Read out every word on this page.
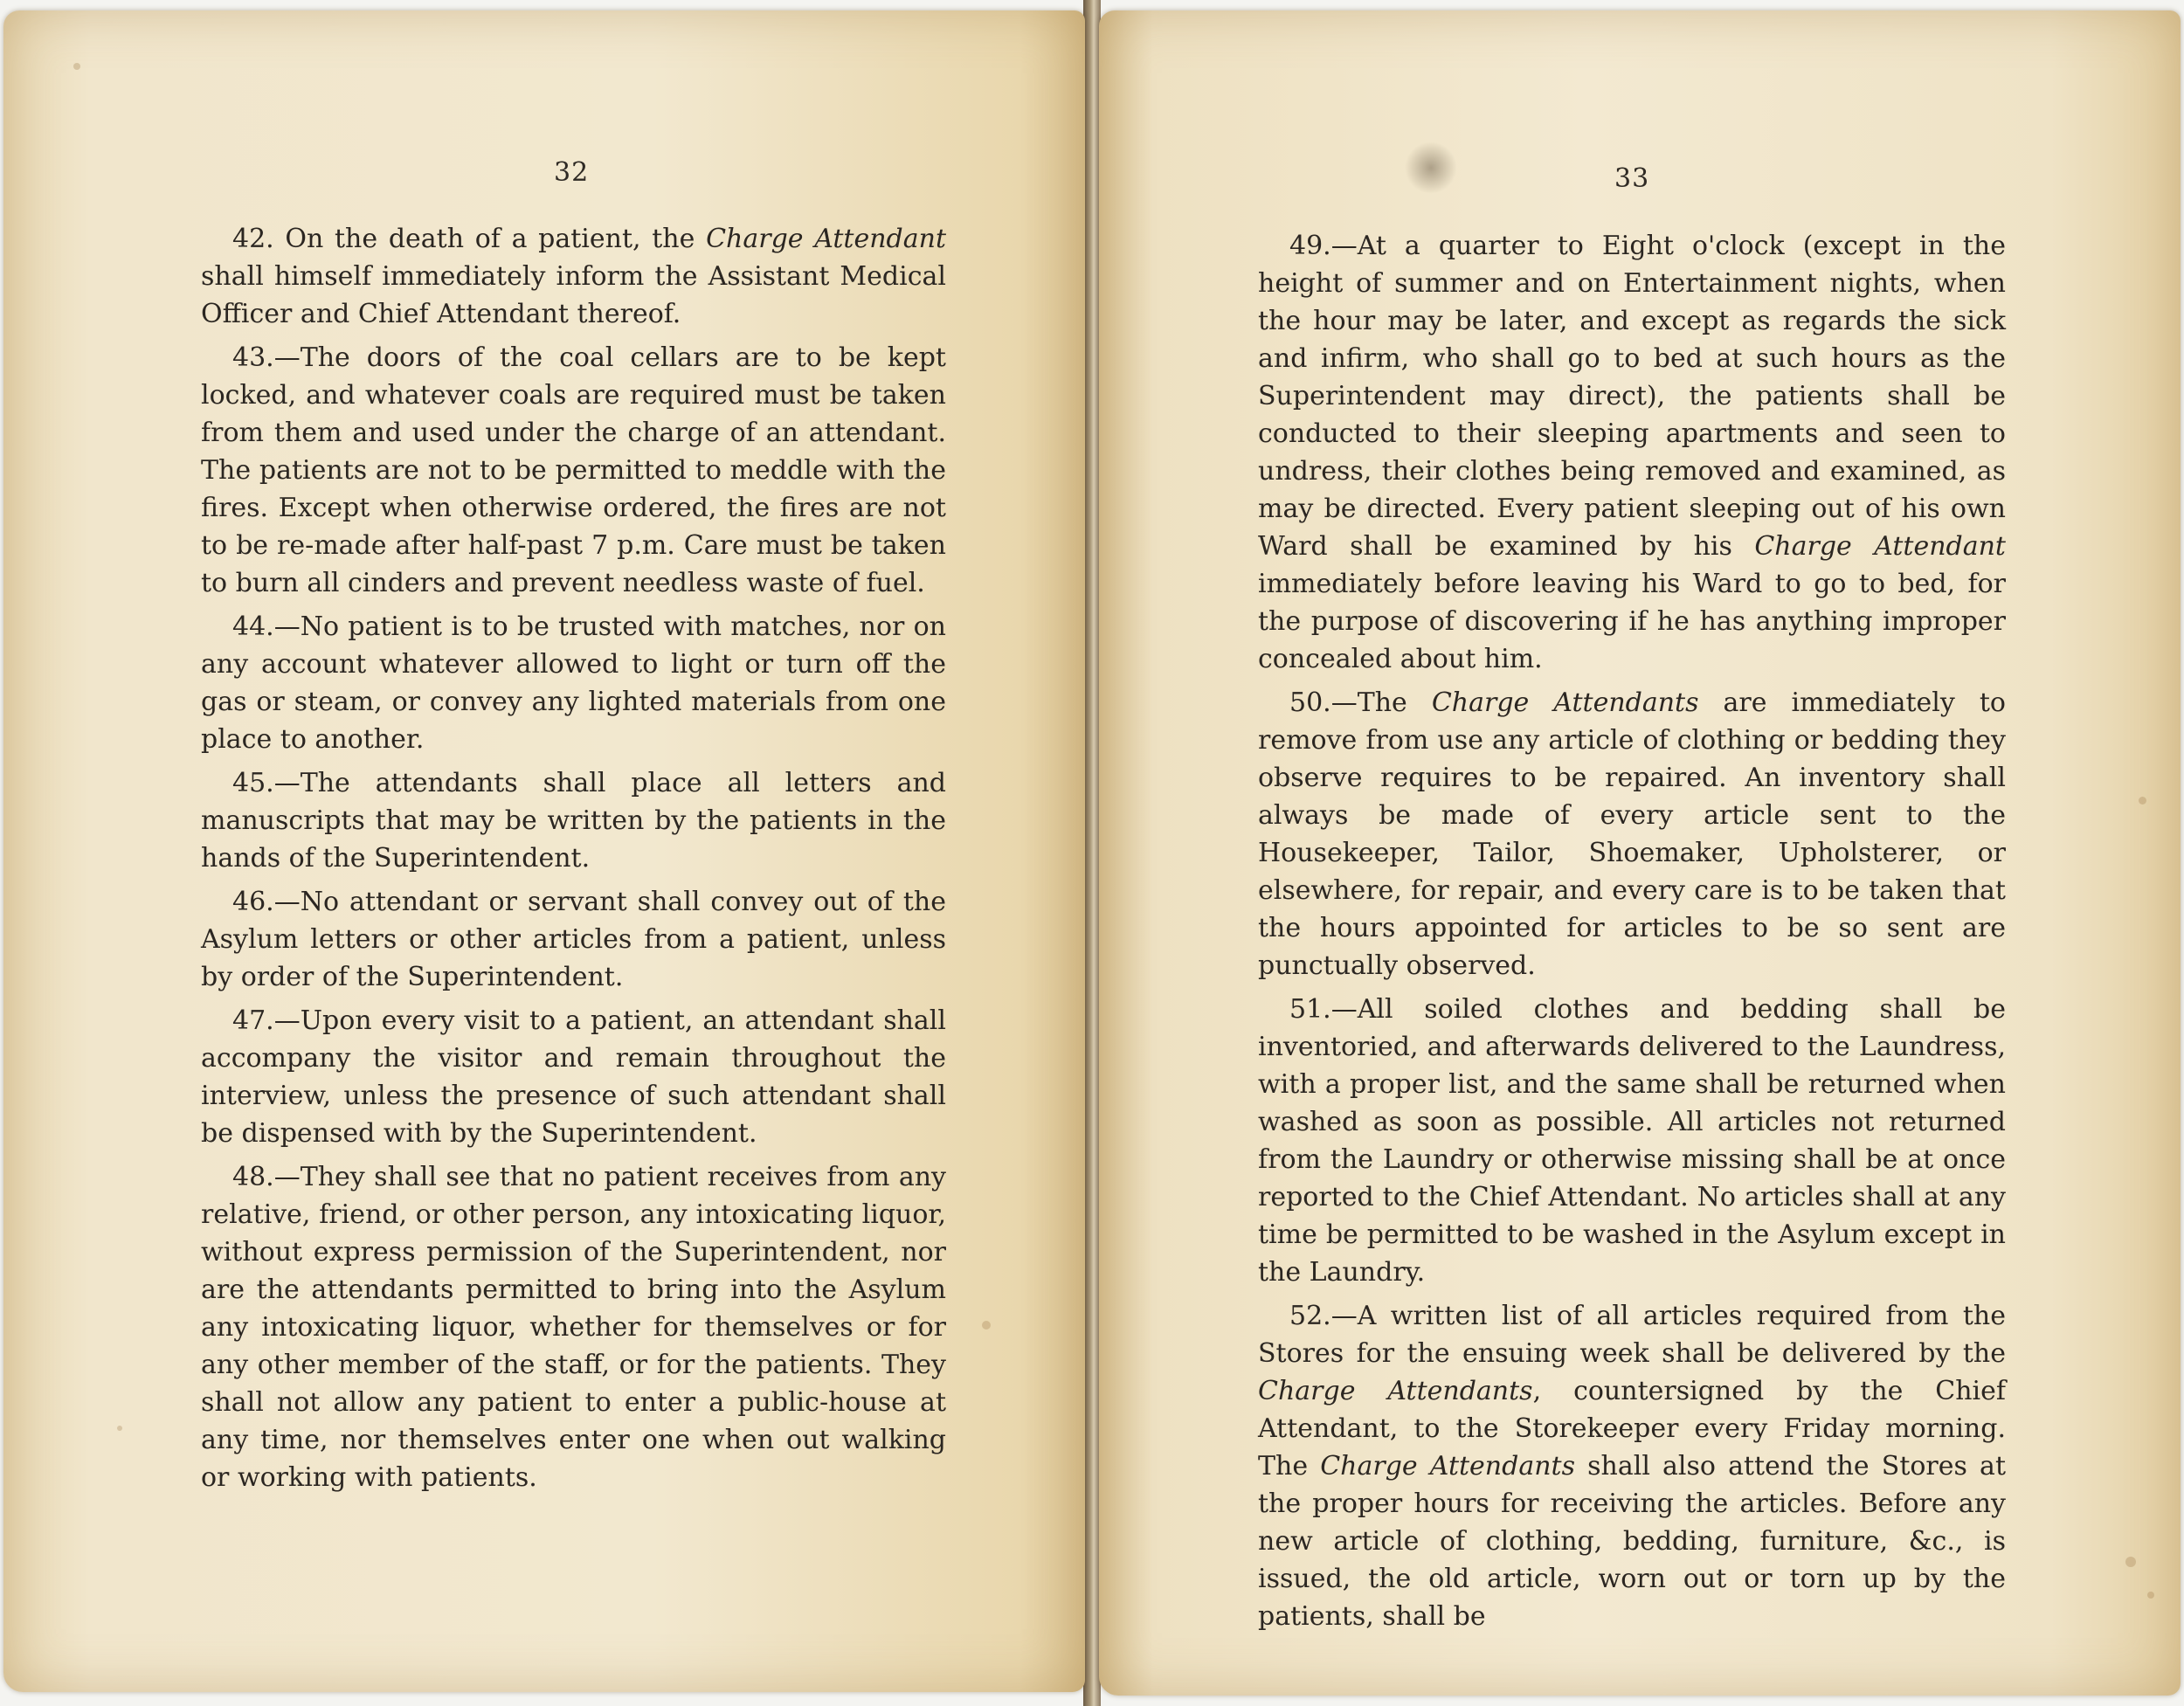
32

42. On the death of a patient, the Charge Attendant shall himself immediately inform the Assistant Medical Officer and Chief Attendant thereof.

43.—The doors of the coal cellars are to be kept locked, and whatever coals are required must be taken from them and used under the charge of an attendant. The patients are not to be permitted to meddle with the fires. Except when otherwise ordered, the fires are not to be re-made after half-past 7 p.m. Care must be taken to burn all cinders and prevent needless waste of fuel.

44.—No patient is to be trusted with matches, nor on any account whatever allowed to light or turn off the gas or steam, or convey any lighted materials from one place to another.

45.—The attendants shall place all letters and manuscripts that may be written by the patients in the hands of the Superintendent.

46.—No attendant or servant shall convey out of the Asylum letters or other articles from a patient, unless by order of the Superintendent.

47.—Upon every visit to a patient, an attendant shall accompany the visitor and remain throughout the interview, unless the presence of such attendant shall be dispensed with by the Superintendent.

48.—They shall see that no patient receives from any relative, friend, or other person, any intoxicating liquor, without express permission of the Superintendent, nor are the attendants permitted to bring into the Asylum any intoxicating liquor, whether for themselves or for any other member of the staff, or for the patients. They shall not allow any patient to enter a public-house at any time, nor themselves enter one when out walking or working with patients.

33

49.—At a quarter to Eight o'clock (except in the height of summer and on Entertainment nights, when the hour may be later, and except as regards the sick and infirm, who shall go to bed at such hours as the Superintendent may direct), the patients shall be conducted to their sleeping apartments and seen to undress, their clothes being removed and examined, as may be directed. Every patient sleeping out of his own Ward shall be examined by his Charge Attendant immediately before leaving his Ward to go to bed, for the purpose of discovering if he has anything improper concealed about him.

50.—The Charge Attendants are immediately to remove from use any article of clothing or bedding they observe requires to be repaired. An inventory shall always be made of every article sent to the Housekeeper, Tailor, Shoemaker, Upholsterer, or elsewhere, for repair, and every care is to be taken that the hours appointed for articles to be so sent are punctually observed.

51.—All soiled clothes and bedding shall be inventoried, and afterwards delivered to the Laundress, with a proper list, and the same shall be returned when washed as soon as possible. All articles not returned from the Laundry or otherwise missing shall be at once reported to the Chief Attendant. No articles shall at any time be permitted to be washed in the Asylum except in the Laundry.

52.—A written list of all articles required from the Stores for the ensuing week shall be delivered by the Charge Attendants, countersigned by the Chief Attendant, to the Storekeeper every Friday morning. The Charge Attendants shall also attend the Stores at the proper hours for receiving the articles. Before any new article of clothing, bedding, furniture, &c., is issued, the old article, worn out or torn up by the patients, shall be
